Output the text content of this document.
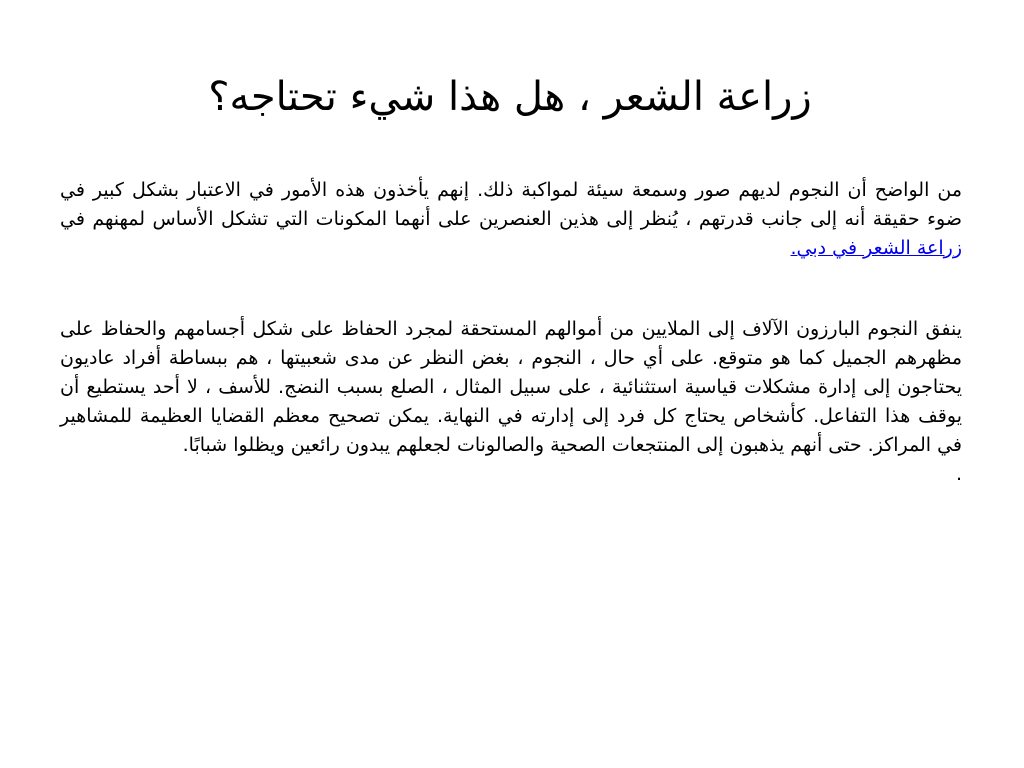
زراعة الشعر ، هل هذا شيء تحتاجه؟

من الواضح أن النجوم لديهم صور وسمعة سيئة لمواكبة ذلك. إنهم يأخذون هذه الأمور في الاعتبار بشكل كبير في ضوء حقيقة أنه إلى جانب قدرتهم ، يُنظر إلى هذين العنصرين على أنهما المكونات التي تشكل الأساس لمهنهم في زراعة الشعر في دبي.

ينفق النجوم البارزون الآلاف إلى الملايين من أموالهم المستحقة لمجرد الحفاظ على شكل أجسامهم والحفاظ على مظهرهم الجميل كما هو متوقع. على أي حال ، النجوم ، بغض النظر عن مدى شعبيتها ، هم ببساطة أفراد عاديون يحتاجون إلى إدارة مشكلات قياسية استثنائية ، على سبيل المثال ، الصلع بسبب النضج. للأسف ، لا أحد يستطيع أن يوقف هذا التفاعل. كأشخاص يحتاج كل فرد إلى إدارته في النهاية. يمكن تصحيح معظم القضايا العظيمة للمشاهير في المراكز. حتى أنهم يذهبون إلى المنتجعات الصحية والصالونات لجعلهم يبدون رائعين ويظلوا شبابًا.

.
